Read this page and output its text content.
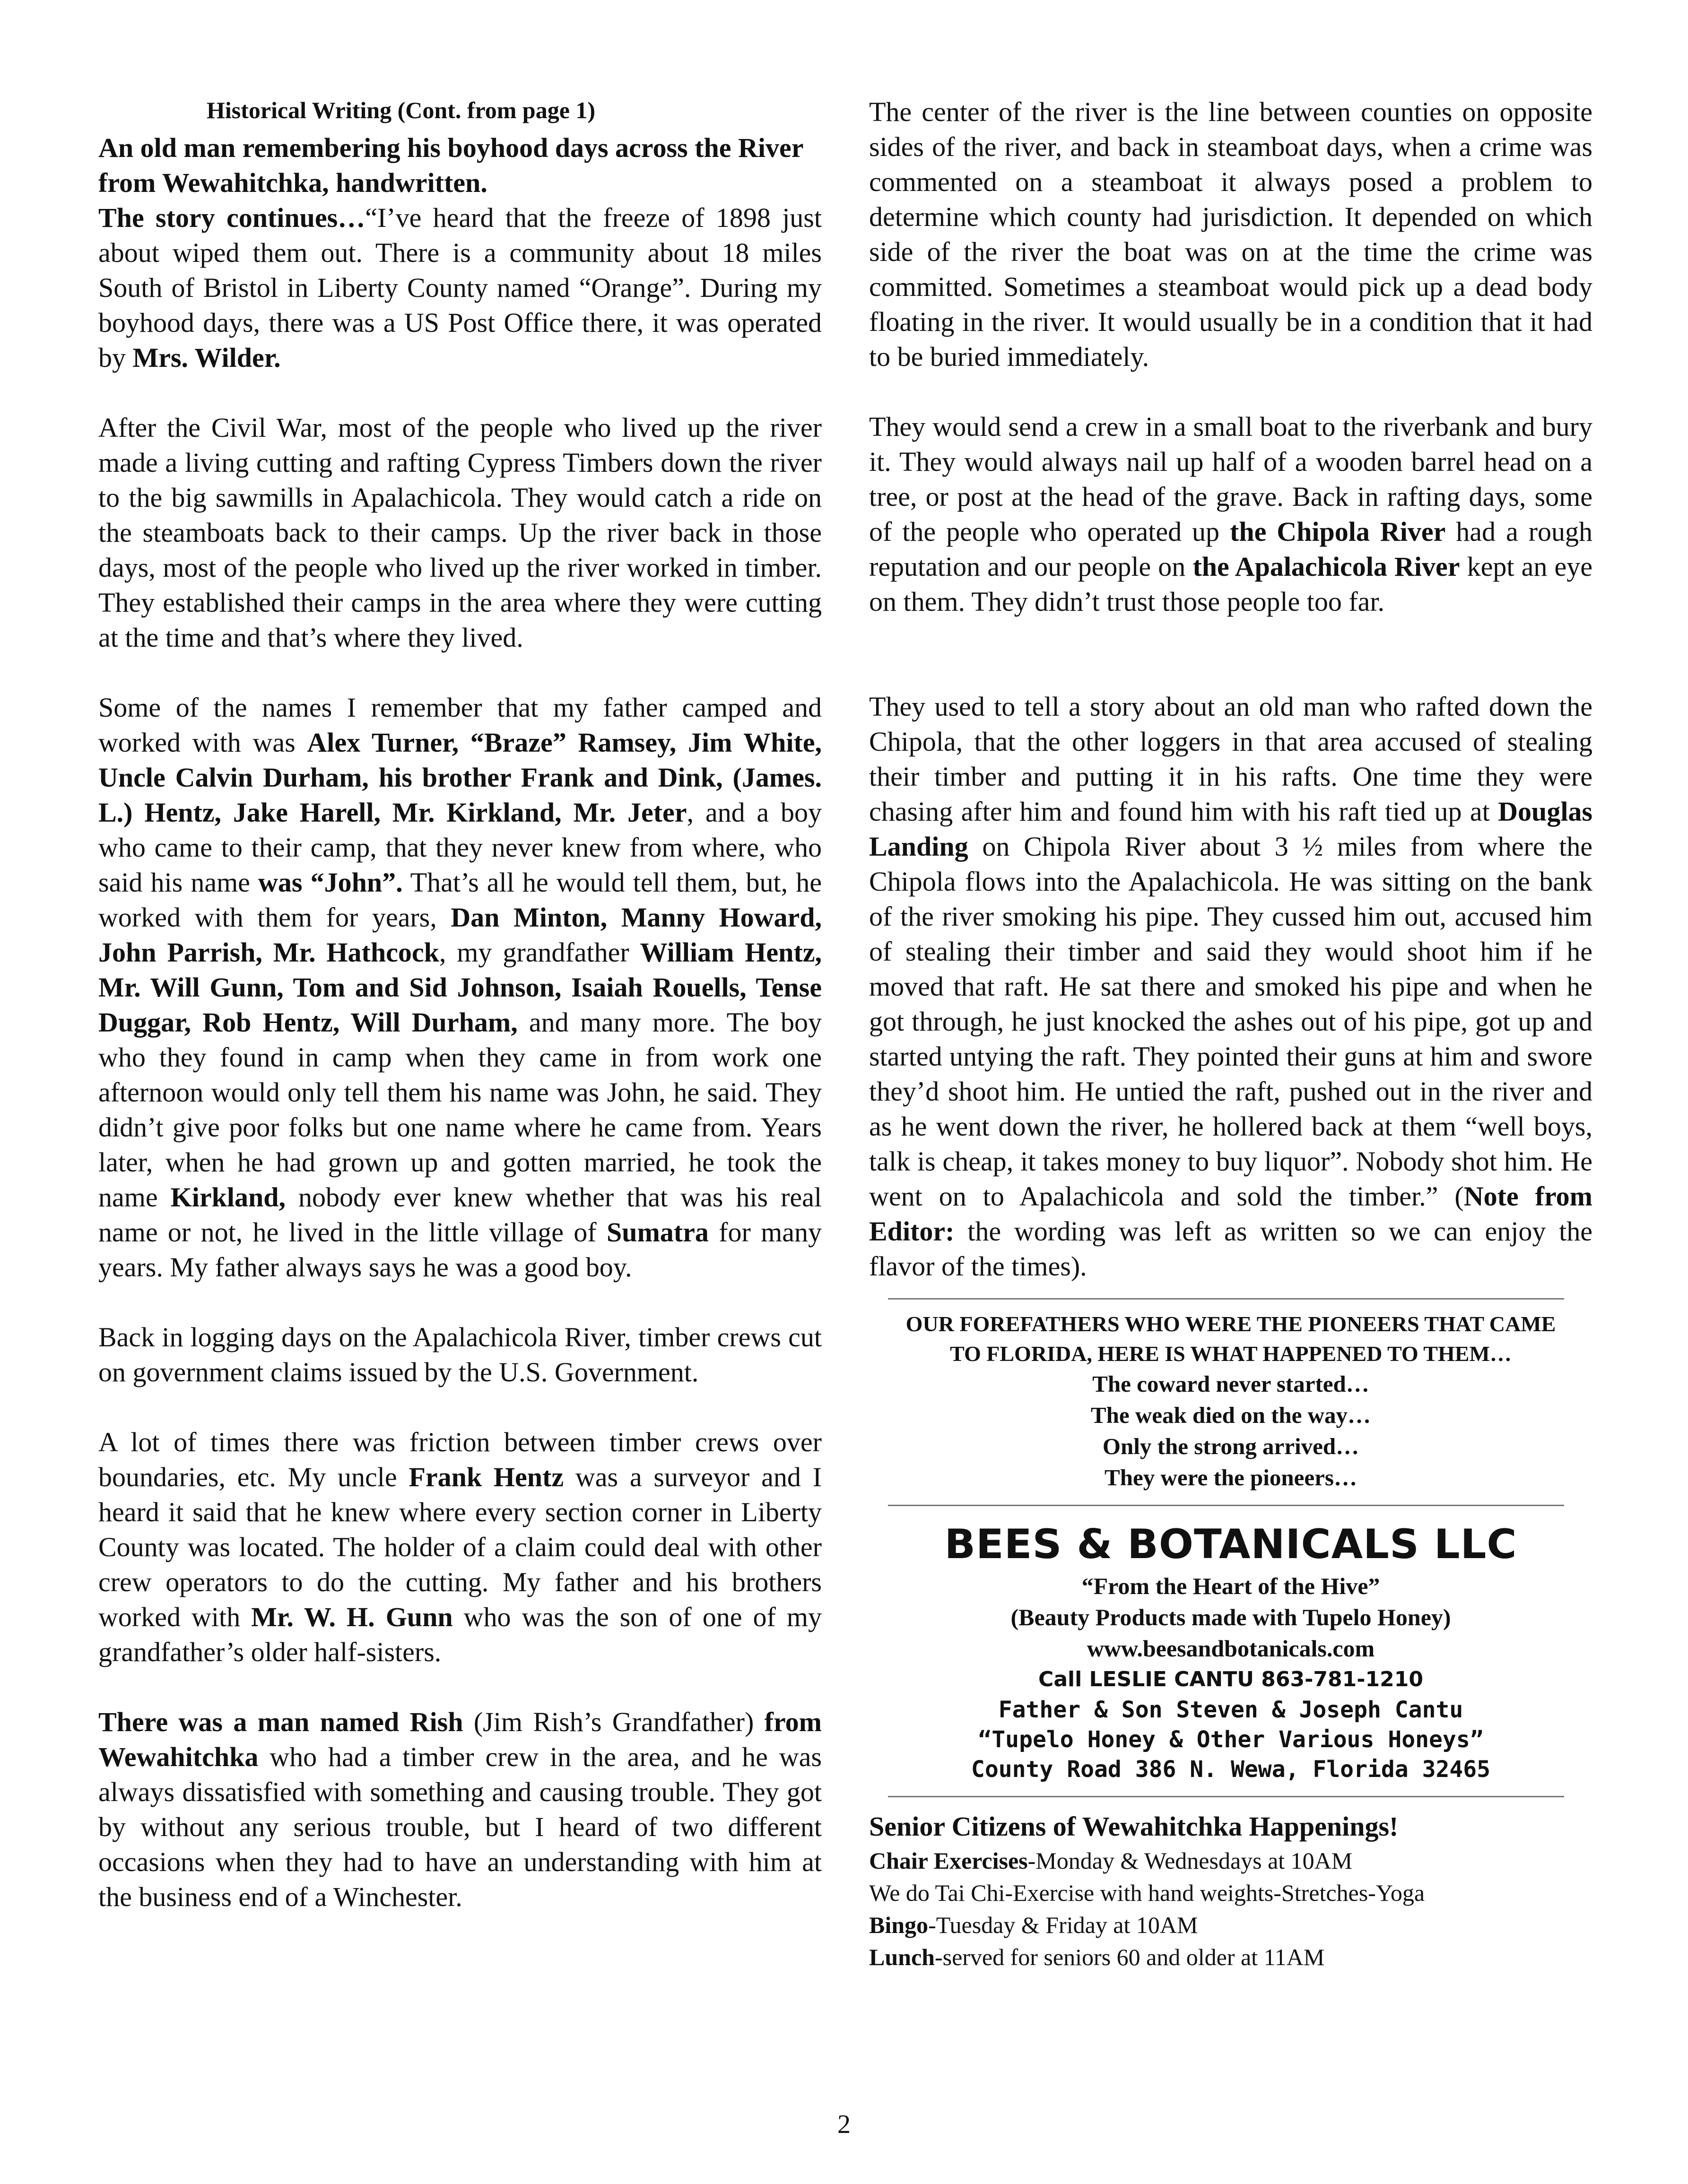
Historical Writing (Cont. from page 1)
An old man remembering his boyhood days across the River from Wewahitchka, handwritten.

The story continues…“I’ve heard that the freeze of 1898 just about wiped them out. There is a community about 18 miles South of Bristol in Liberty County named “Orange”. During my boyhood days, there was a US Post Office there, it was operated by Mrs. Wilder.

After the Civil War, most of the people who lived up the river made a living cutting and rafting Cypress Timbers down the river to the big sawmills in Apalachicola. They would catch a ride on the steamboats back to their camps. Up the river back in those days, most of the people who lived up the river worked in timber. They established their camps in the area where they were cutting at the time and that’s where they lived.

Some of the names I remember that my father camped and worked with was Alex Turner, “Braze” Ramsey, Jim White, Uncle Calvin Durham, his brother Frank and Dink, (James. L.) Hentz, Jake Harell, Mr. Kirkland, Mr. Jeter, and a boy who came to their camp, that they never knew from where, who said his name was “John”. That’s all he would tell them, but, he worked with them for years, Dan Minton, Manny Howard, John Parrish, Mr. Hathcock, my grandfather William Hentz, Mr. Will Gunn, Tom and Sid Johnson, Isaiah Rouells, Tense Duggar, Rob Hentz, Will Durham, and many more. The boy who they found in camp when they came in from work one afternoon would only tell them his name was John, he said. They didn’t give poor folks but one name where he came from. Years later, when he had grown up and gotten married, he took the name Kirkland, nobody ever knew whether that was his real name or not, he lived in the little village of Sumatra for many years. My father always says he was a good boy.

Back in logging days on the Apalachicola River, timber crews cut on government claims issued by the U.S. Government.

A lot of times there was friction between timber crews over boundaries, etc. My uncle Frank Hentz was a surveyor and I heard it said that he knew where every section corner in Liberty County was located. The holder of a claim could deal with other crew operators to do the cutting. My father and his brothers worked with Mr. W. H. Gunn who was the son of one of my grandfather’s older half-sisters.

There was a man named Rish (Jim Rish’s Grandfather) from Wewahitchka who had a timber crew in the area, and he was always dissatisfied with something and causing trouble. They got by without any serious trouble, but I heard of two different occasions when they had to have an understanding with him at the business end of a Winchester.

The center of the river is the line between counties on opposite sides of the river, and back in steamboat days, when a crime was commented on a steamboat it always posed a problem to determine which county had jurisdiction. It depended on which side of the river the boat was on at the time the crime was committed. Sometimes a steamboat would pick up a dead body floating in the river. It would usually be in a condition that it had to be buried immediately.

They would send a crew in a small boat to the riverbank and bury it. They would always nail up half of a wooden barrel head on a tree, or post at the head of the grave. Back in rafting days, some of the people who operated up the Chipola River had a rough reputation and our people on the Apalachicola River kept an eye on them. They didn’t trust those people too far.

They used to tell a story about an old man who rafted down the Chipola, that the other loggers in that area accused of stealing their timber and putting it in his rafts. One time they were chasing after him and found him with his raft tied up at Douglas Landing on Chipola River about 3 ½ miles from where the Chipola flows into the Apalachicola. He was sitting on the bank of the river smoking his pipe. They cussed him out, accused him of stealing their timber and said they would shoot him if he moved that raft. He sat there and smoked his pipe and when he got through, he just knocked the ashes out of his pipe, got up and started untying the raft. They pointed their guns at him and swore they’d shoot him. He untied the raft, pushed out in the river and as he went down the river, he hollered back at them “well boys, talk is cheap, it takes money to buy liquor”. Nobody shot him. He went on to Apalachicola and sold the timber.” (Note from Editor: the wording was left as written so we can enjoy the flavor of the times).

OUR FOREFATHERS WHO WERE THE PIONEERS THAT CAME TO FLORIDA, HERE IS WHAT HAPPENED TO THEM…
The coward never started…
The weak died on the way…
Only the strong arrived…
They were the pioneers…
BEES & BOTANICALS LLC
“From the Heart of the Hive”
(Beauty Products made with Tupelo Honey)
www.beesandbotanicals.com
Call LESLIE CANTU 863-781-1210
Father & Son Steven & Joseph Cantu
“Tupelo Honey & Other Various Honeys”
County Road 386 N. Wewa, Florida 32465
Senior Citizens of Wewahitchka Happenings!
Chair Exercises-Monday & Wednesdays at 10AM
We do Tai Chi-Exercise with hand weights-Stretches-Yoga
Bingo-Tuesday & Friday at 10AM
Lunch-served for seniors 60 and older at 11AM
2
